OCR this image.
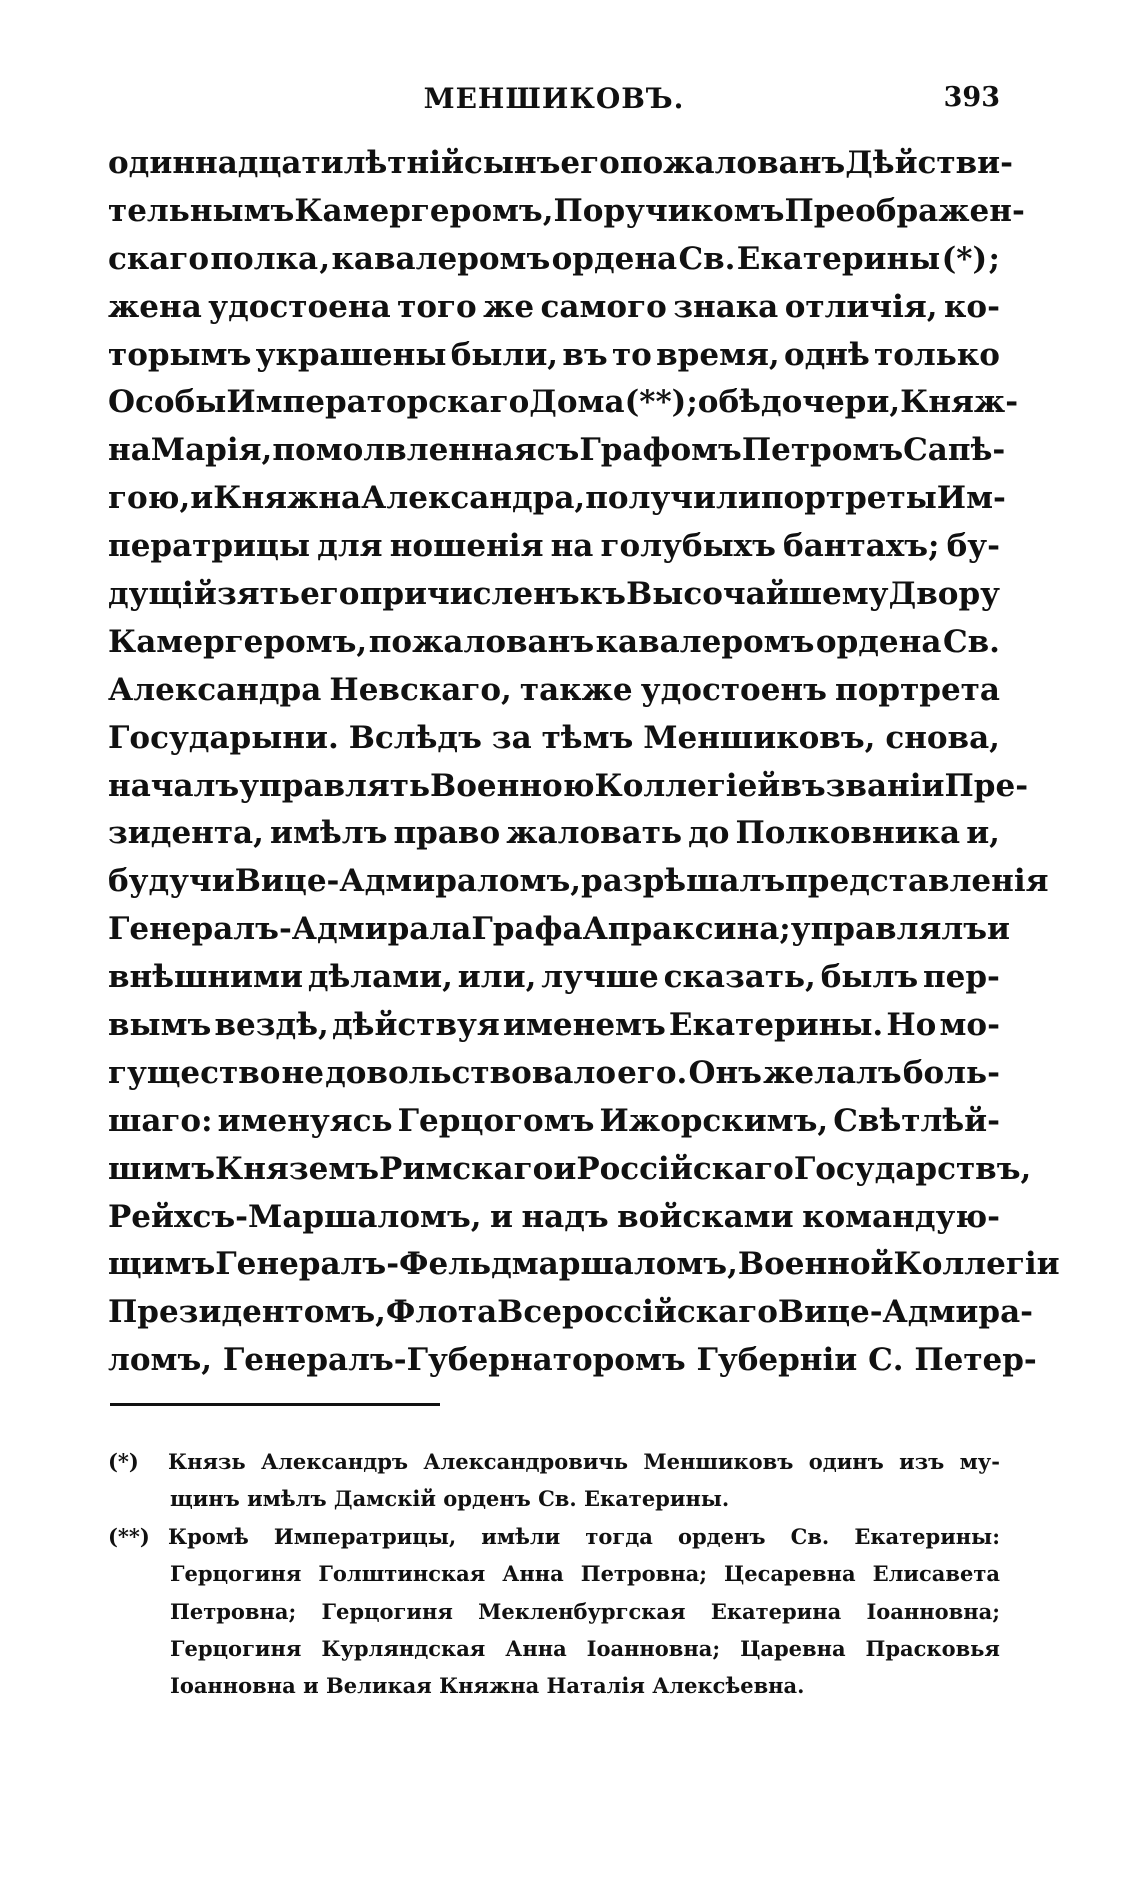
МЕНШИКОВЪ.	393
одиннадцатилѣтній сынъ его пожалованъ Дѣйстви-
тельнымъ Камергеромъ, Поручикомъ Преображен-
скаго полка , кавалеромъ ордена Св. Екатерины (*) ;
жена удостоена того же самого знака отличія, ко-
торымъ украшены были, въ то время, однѣ только
Особы Императорскаго Дома (**); обѣ дочери, Княж-
на Марія, помолвленная съ Графомъ Петромъ Сапѣ-
гою, и Княжна Александра, получили портреты Им-
ператрицы для ношенія на голубыхъ бантахъ; бу-
дущій зять его причисленъ къ Высочайшему Двору
Камергеромъ, пожалованъ кавалеромъ ордена Св.
Александра Невскаго, также удостоенъ портрета
Государыни. Вслѣдъ за тѣмъ Меншиковъ, снова,
началъ управлять Военною Коллегіей въ званіи Пре-
зидента, имѣлъ право жаловать до Полковника и,
будучи Вице-Адмираломъ, разрѣшалъ представленія
Генералъ-Адмирала Графа Апраксина; управлялъ и
внѣшними дѣлами, или, лучше сказать, былъ пер-
вымъ вездѣ, дѣйствуя именемъ Екатерины. Но мо-
гущество не довольствовало его. Онъ желалъ боль-
шаго: именуясь Герцогомъ Ижорскимъ, Свѣтлѣй-
шимъ Княземъ Римскаго и Россійскаго Государствъ,
Рейхсъ-Маршаломъ, и надъ войсками командую-
щимъ Генералъ-Фельдмаршаломъ, Военной Коллегіи
Президентомъ, Флота Всероссійскаго Вице-Адмира-
ломъ, Генералъ-Губернаторомъ Губерніи С. Петер-
(*)	Князь Александръ Александровичь Меншиковъ одинъ изъ му-
щинъ имѣлъ Дамскій орденъ Св. Екатерины.
(**) Кромѣ Императрицы, имѣли тогда орденъ Св. Екатерины:
Герцогиня Голштинская Анна Петровна; Цесаревна Елисавета
Петровна; Герцогиня Мекленбургская Екатерина Іоанновна;
Герцогиня Курляндская Анна Іоанновна; Царевна Прасковья
Іоанновна и Великая Княжна Наталія Алексѣевна.
